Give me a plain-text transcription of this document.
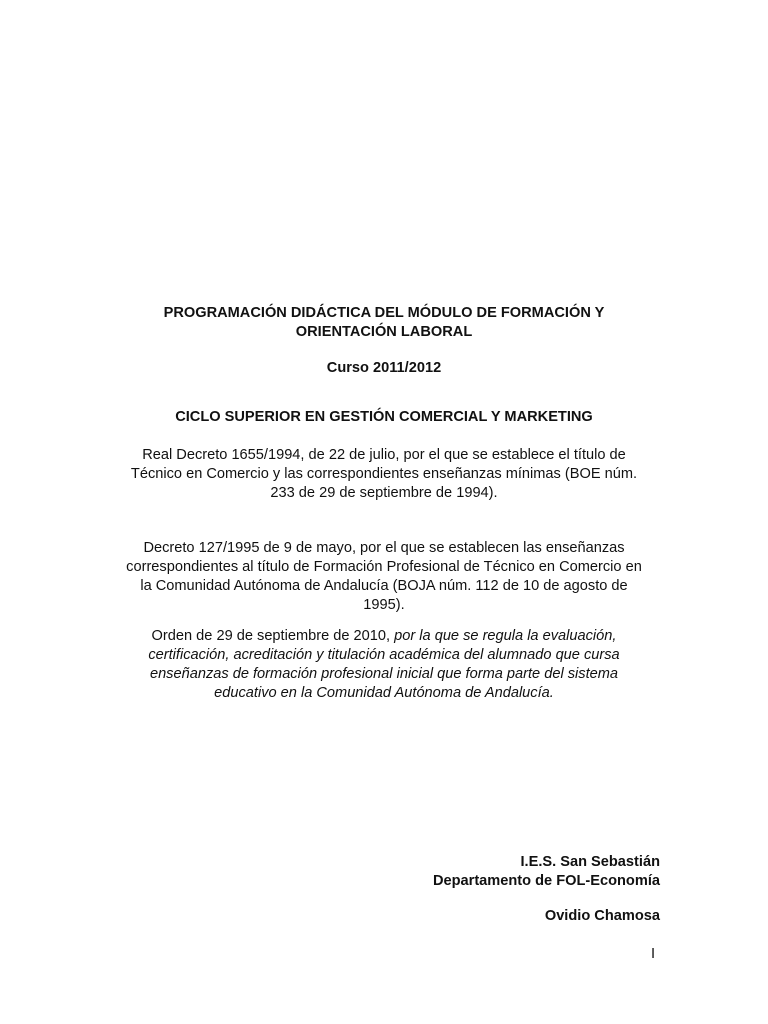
PROGRAMACIÓN DIDÁCTICA DEL MÓDULO DE FORMACIÓN Y
ORIENTACIÓN LABORAL
Curso 2011/2012
CICLO SUPERIOR EN GESTIÓN COMERCIAL Y MARKETING
Real Decreto 1655/1994, de 22 de julio, por el que se establece el título de
Técnico en Comercio y las correspondientes enseñanzas mínimas (BOE núm.
233 de 29 de septiembre de 1994).
Decreto 127/1995 de 9 de mayo, por el que se establecen las enseñanzas
correspondientes al título de Formación Profesional de Técnico en Comercio en
la Comunidad Autónoma de Andalucía (BOJA núm. 112 de 10 de agosto de
1995).
Orden de 29 de septiembre de 2010, por la que se regula la evaluación,
certificación, acreditación y titulación académica del alumnado que cursa
enseñanzas de formación profesional inicial que forma parte del sistema
educativo en la Comunidad Autónoma de Andalucía.
I.E.S. San Sebastián
Departamento de FOL-Economía
Ovidio Chamosa
I
